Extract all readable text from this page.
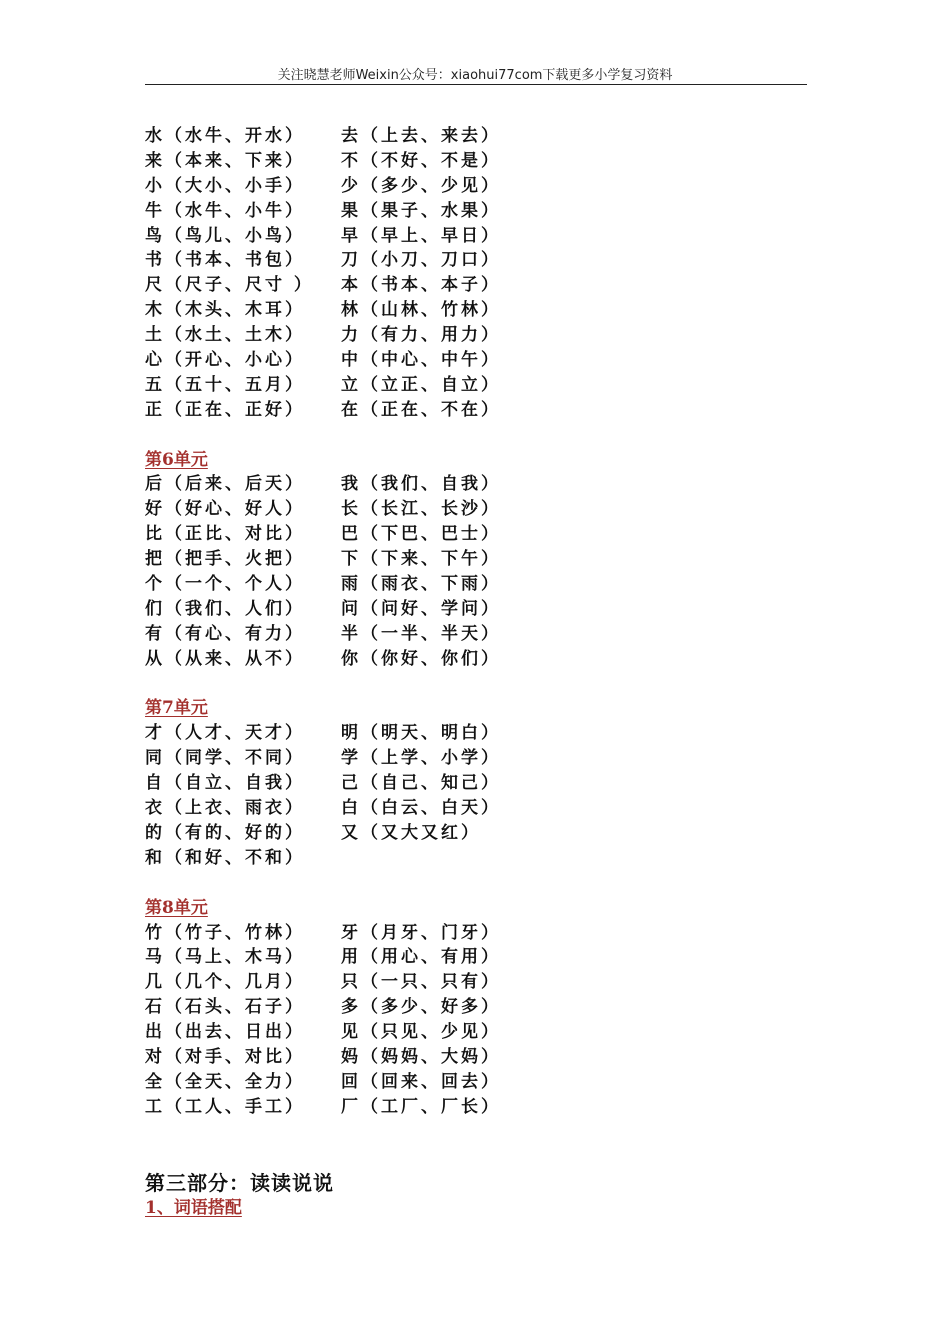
关注晓慧老师Weixin公众号：xiaohui77com下载更多小学复习资料
水（水牛、开水） 去（上去、来去）
来（本来、下来） 不（不好、不是）
小（大小、小手） 少（多少、少见）
牛（水牛、小牛） 果（果子、水果）
鸟（鸟儿、小鸟） 早（早上、早日）
书（书本、书包） 刀（小刀、刀口）
尺（尺子、尺寸 ） 本（书本、本子）
木（木头、木耳） 林（山林、竹林）
土（水土、土木） 力（有力、用力）
心（开心、小心） 中（中心、中午）
五（五十、五月） 立（立正、自立）
正（正在、正好） 在（正在、不在）
第6单元
后（后来、后天） 我（我们、自我）
好（好心、好人） 长（长江、长沙）
比（正比、对比） 巴（下巴、巴士）
把（把手、火把） 下（下来、下午）
个（一个、个人） 雨（雨衣、下雨）
们（我们、人们） 问（问好、学问）
有（有心、有力） 半（一半、半天）
从（从来、从不） 你（你好、你们）
第7单元
才（人才、天才） 明（明天、明白）
同（同学、不同） 学（上学、小学）
自（自立、自我） 己（自己、知己）
衣（上衣、雨衣） 白（白云、白天）
的（有的、好的） 又（又大又红）
和（和好、不和）
第8单元
竹（竹子、竹林） 牙（月牙、门牙）
马（马上、木马） 用（用心、有用）
几（几个、几月） 只（一只、只有）
石（石头、石子） 多（多少、好多）
出（出去、日出） 见（只见、少见）
对（对手、对比） 妈（妈妈、大妈）
全（全天、全力） 回（回来、回去）
工（工人、手工） 厂（工厂、厂长）
第三部分：读读说说
1、词语搭配
